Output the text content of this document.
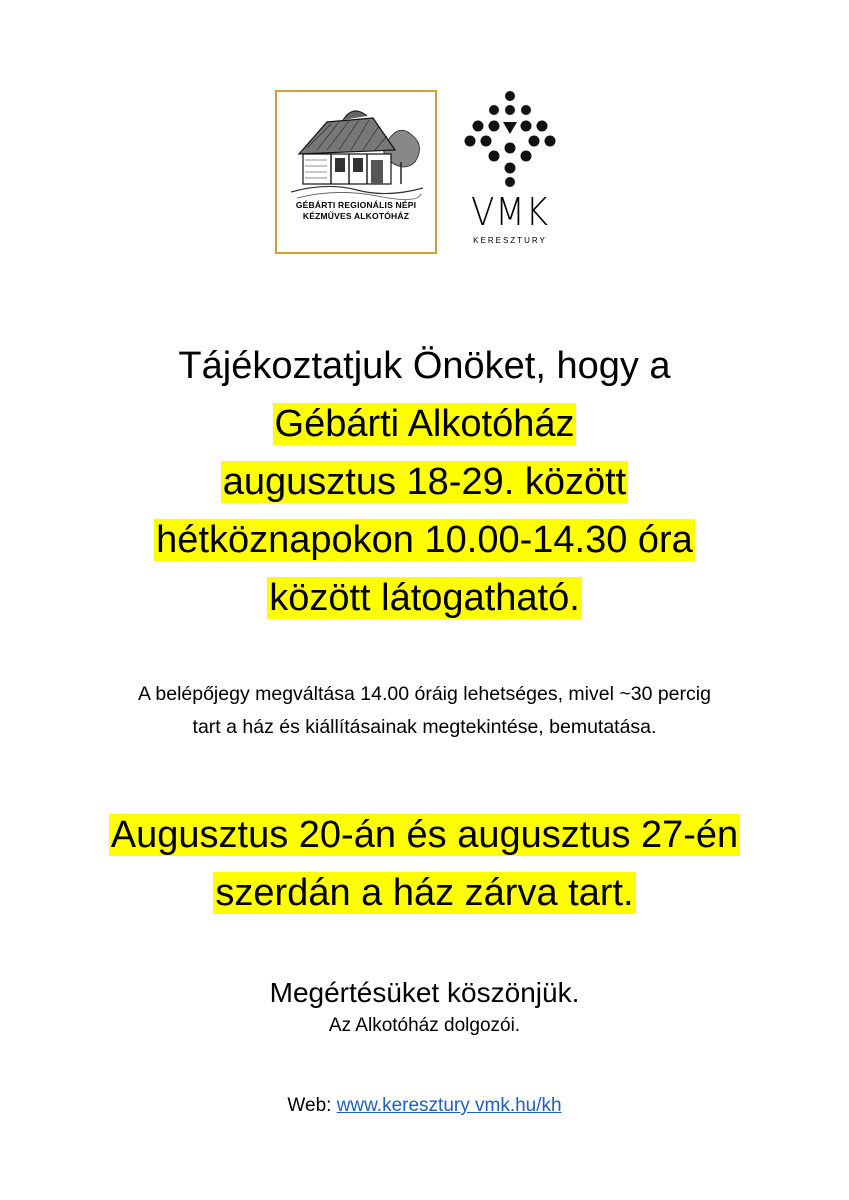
GÉBÁRTI REGIONÁLIS NÉPI
KÉZMŰVES ALKOTÓHÁZ	VMK
KERESZTURY
Tájékoztatjuk Önöket, hogy a
Gébárti Alkotóház
augusztus 18-29. között
hétköznapokon 10.00-14.30 óra
között látogatható.
A belépőjegy megváltása 14.00 óráig lehetséges, mivel ~30 percig
tart a ház és kiállításainak megtekintése, bemutatása.
Augusztus 20-án és augusztus 27-én
szerdán a ház zárva tart.
Megértésüket köszönjük.
Az Alkotóház dolgozói.
Web: www.keresztury vmk.hu/kh
